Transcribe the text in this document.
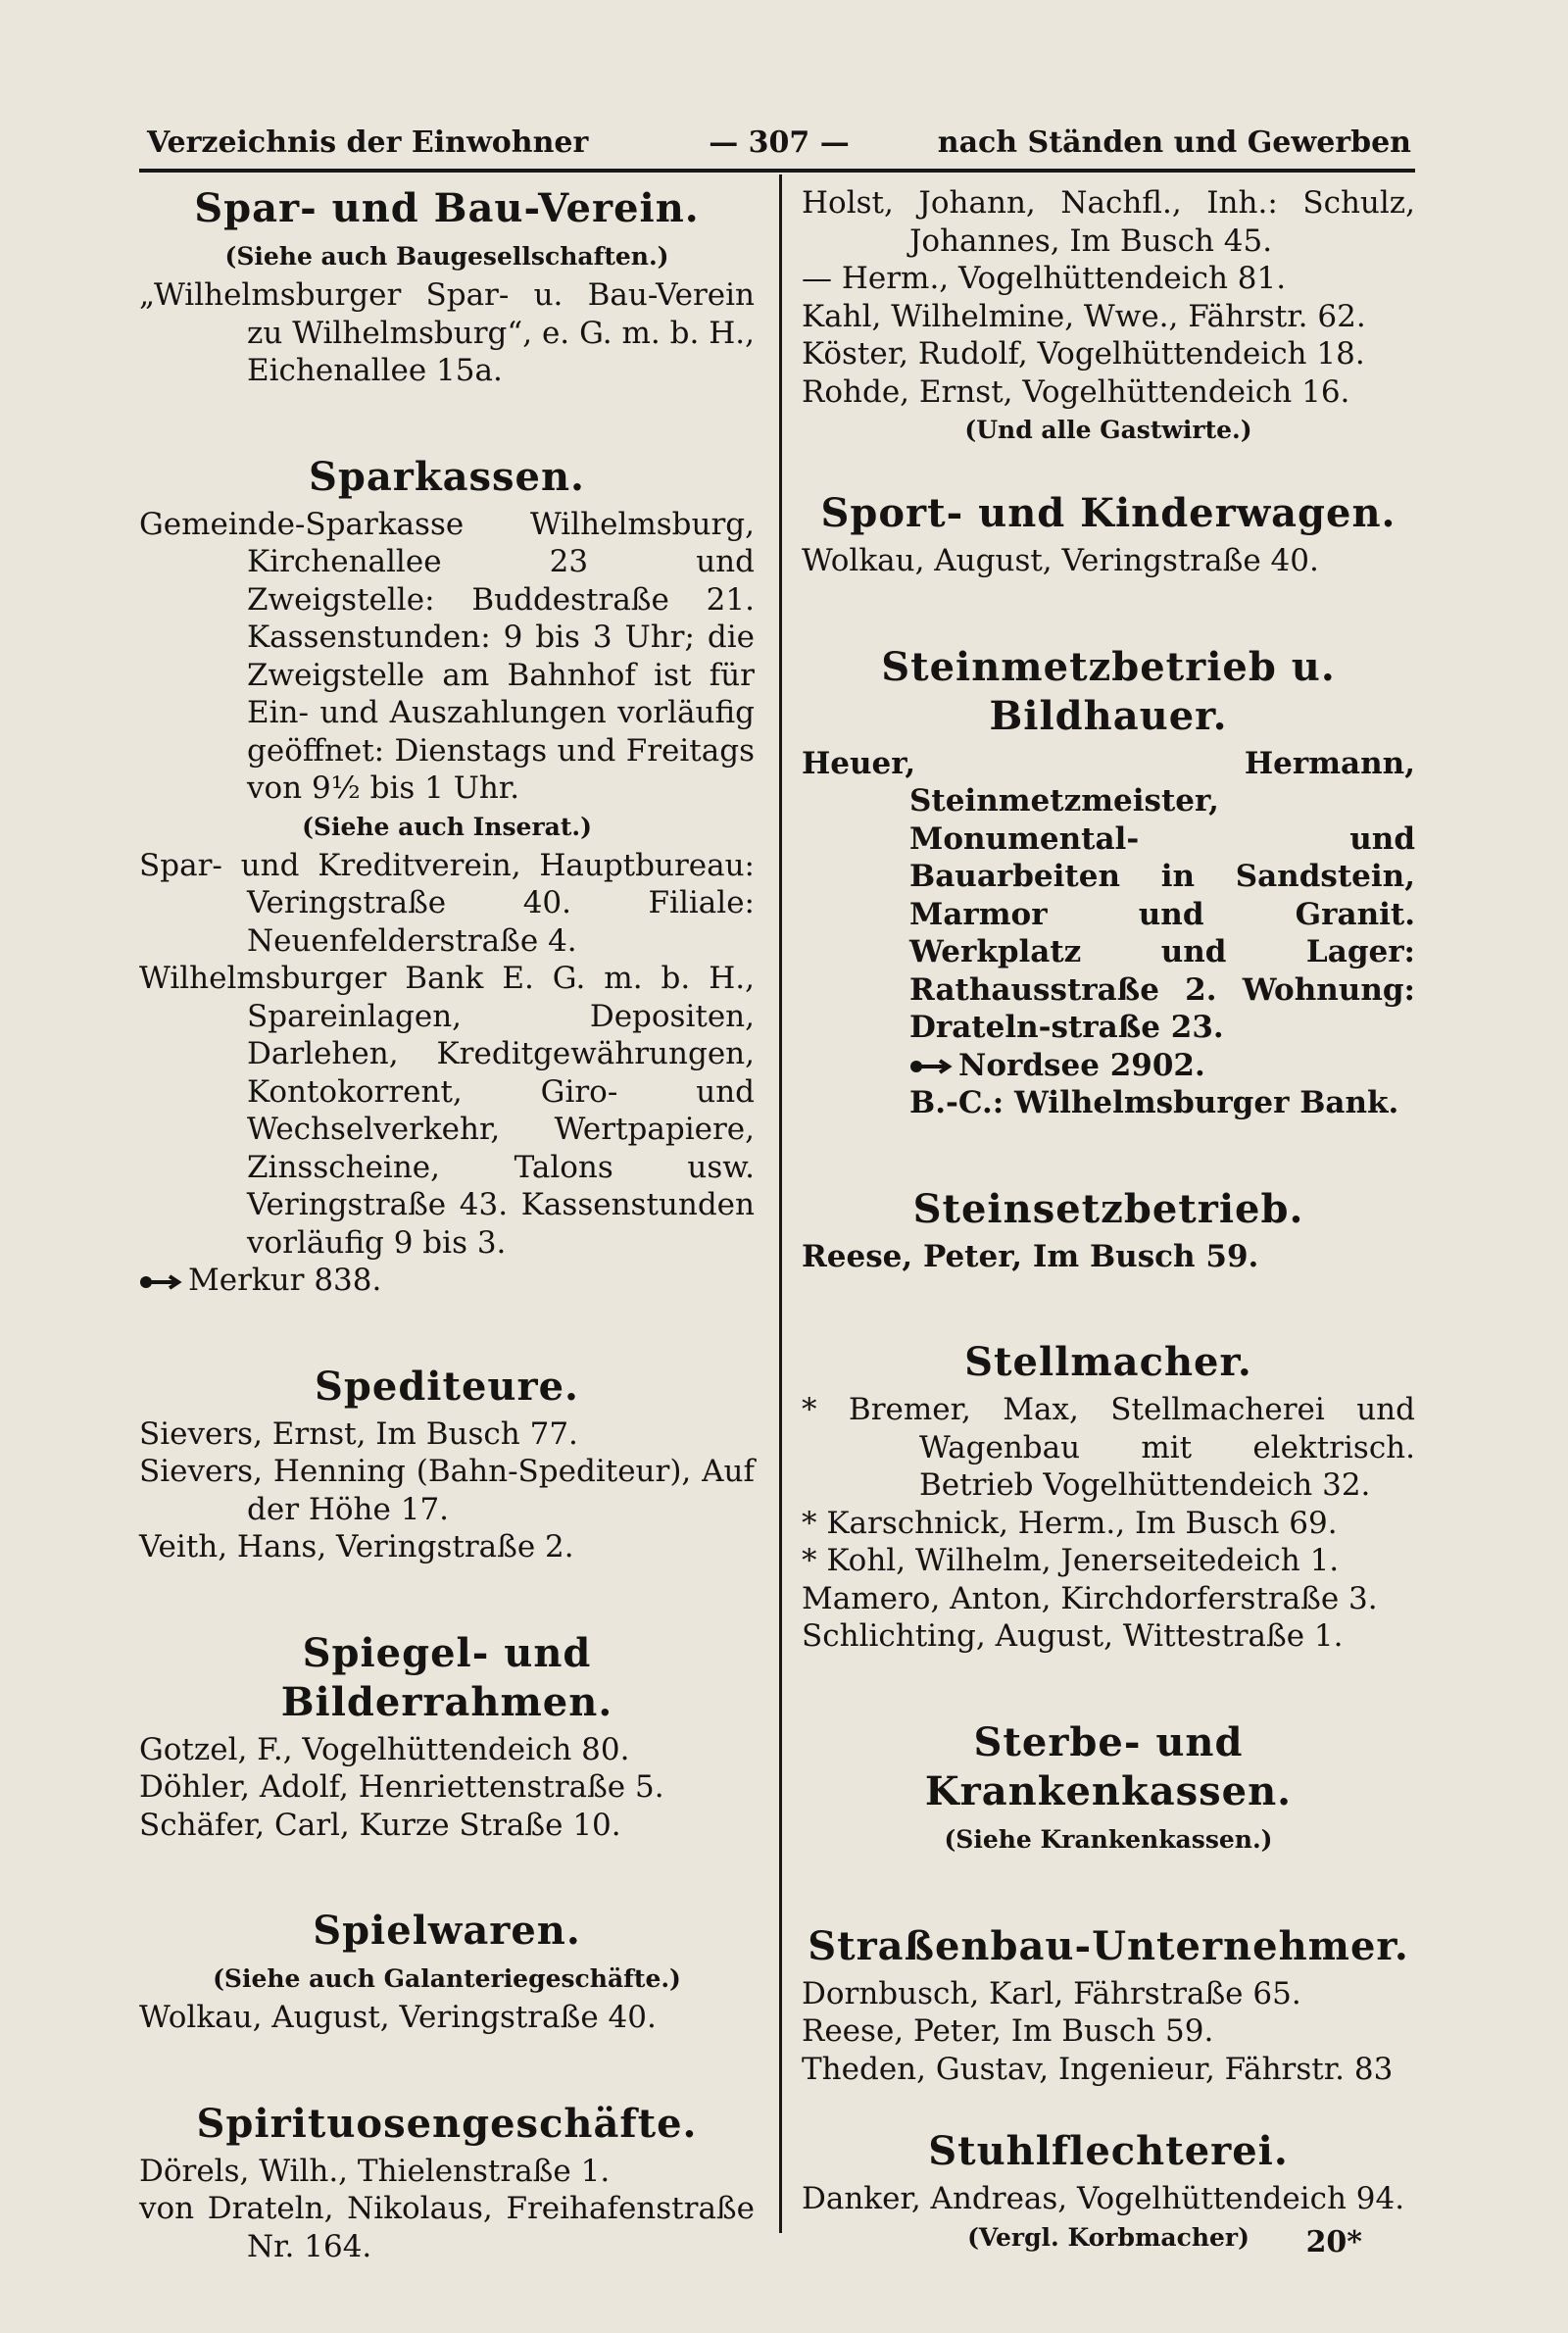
Verzeichnis der Einwohner	— 307 —	nach Ständen und Gewerben
Spar- und Bau-Verein.
(Siehe auch Baugesellschaften.)

„Wilhelmsburger Spar- u. Bau-Verein zu Wilhelmsburg“, e. G. m. b. H., Eichenallee 15a.

Sparkassen.

Gemeinde-Sparkasse Wilhelmsburg, Kirchenallee 23 und Zweigstelle: Buddestraße 21. Kassenstunden: 9 bis 3 Uhr; die Zweigstelle am Bahnhof ist für Ein- und Auszahlungen vorläufig geöffnet: Dienstags und Freitags von 9½ bis 1 Uhr.

(Siehe auch Inserat.)

Spar- und Kreditverein, Hauptbureau: Veringstraße 40. Filiale: Neuenfelderstraße 4.

Wilhelmsburger Bank E. G. m. b. H., Spareinlagen, Depositen, Darlehen, Kreditgewährungen, Kontokorrent, Giro- und Wechselverkehr, Wertpapiere, Zinsscheine, Talons usw. Veringstraße 43. Kassenstunden vorläufig 9 bis 3.

Merkur 838.

Spediteure.

Sievers, Ernst, Im Busch 77.

Sievers, Henning (Bahn-Spediteur), Auf der Höhe 17.

Veith, Hans, Veringstraße 2.

Spiegel- und Bilderrahmen.

Gotzel, F., Vogelhüttendeich 80.

Döhler, Adolf, Henriettenstraße 5.

Schäfer, Carl, Kurze Straße 10.

Spielwaren.
(Siehe auch Galanteriegeschäfte.)

Wolkau, August, Veringstraße 40.

Spirituosengeschäfte.

Dörels, Wilh., Thielenstraße 1.

von Drateln, Nikolaus, Freihafenstraße Nr. 164.

Holst, Johann, Nachfl., Inh.: Schulz, Johannes, Im Busch 45.

— Herm., Vogelhüttendeich 81.

Kahl, Wilhelmine, Wwe., Fährstr. 62.

Köster, Rudolf, Vogelhüttendeich 18.

Rohde, Ernst, Vogelhüttendeich 16.

(Und alle Gastwirte.)
Sport- und Kinderwagen.

Wolkau, August, Veringstraße 40.

Steinmetzbetrieb u. Bildhauer.

Heuer, Hermann, Steinmetzmeister, Monumental- und Bauarbeiten in Sandstein, Marmor und Granit. Werkplatz und Lager: Rathausstraße 2. Wohnung: Drateln-straße 23.

Nordsee 2902.

B.-C.: Wilhelmsburger Bank.

Steinsetzbetrieb.

Reese, Peter, Im Busch 59.

Stellmacher.

* Bremer, Max, Stellmacherei und Wagenbau mit elektrisch. Betrieb Vogelhüttendeich 32.

* Karschnick, Herm., Im Busch 69.

* Kohl, Wilhelm, Jenerseitedeich 1.

Mamero, Anton, Kirchdorferstraße 3.

Schlichting, August, Wittestraße 1.

Sterbe- und Krankenkassen.
(Siehe Krankenkassen.)
Straßenbau-Unternehmer.

Dornbusch, Karl, Fährstraße 65.

Reese, Peter, Im Busch 59.

Theden, Gustav, Ingenieur, Fährstr. 83

Stuhlflechterei.

Danker, Andreas, Vogelhüttendeich 94.

(Vergl. Korbmacher)	20*
